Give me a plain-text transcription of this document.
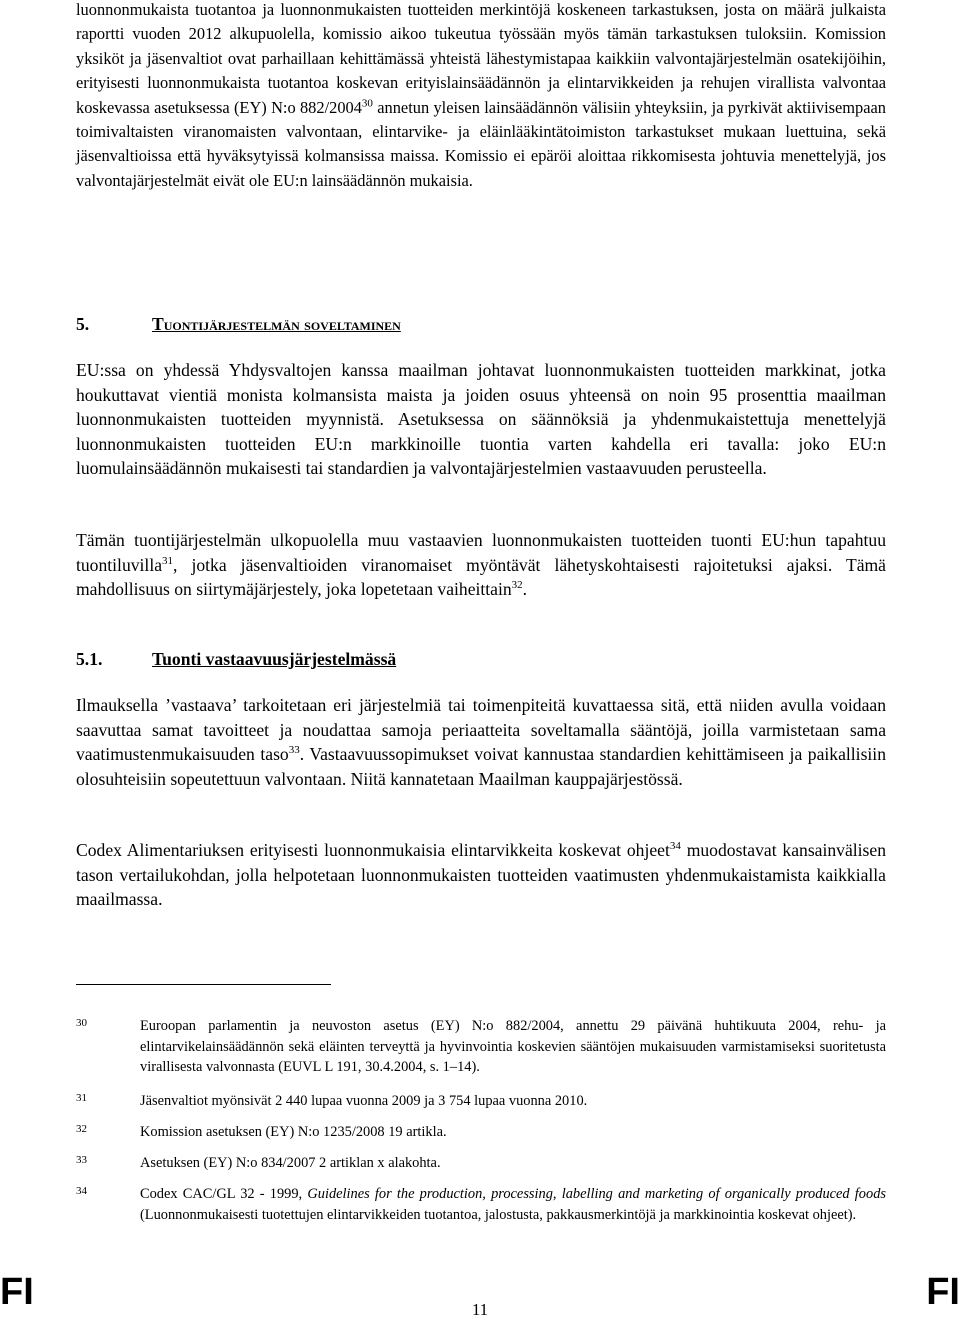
luonnonmukaista tuotantoa ja luonnonmukaisten tuotteiden merkintöjä koskeneen tarkastuksen, josta on määrä julkaista raportti vuoden 2012 alkupuolella, komissio aikoo tukeutua työssään myös tämän tarkastuksen tuloksiin. Komission yksiköt ja jäsenvaltiot ovat parhaillaan kehittämässä yhteistä lähestymistapaa kaikkiin valvontajärjestelmän osatekijöihin, erityisesti luonnonmukaista tuotantoa koskevan erityislainsäädännön ja elintarvikkeiden ja rehujen virallista valvontaa koskevassa asetuksessa (EY) N:o 882/2004$^{30}$ annetun yleisen lainsäädännön välisiin yhteyksiin, ja pyrkivät aktiivisempaan toimivaltaisten viranomaisten valvontaan, elintarvike- ja eläinlääkintätoimiston tarkastukset mukaan luettuina, sekä jäsenvaltioissa että hyväksytyissä kolmansissa maissa. Komissio ei epäröi aloittaa rikkomisesta johtuvia menettelyjä, jos valvontajärjestelmät eivät ole EU:n lainsäädännön mukaisia.

5.	Tuontijärjestelmän soveltaminen

EU:ssa on yhdessä Yhdysvaltojen kanssa maailman johtavat luonnonmukaisten tuotteiden markkinat, jotka houkuttavat vientiä monista kolmansista maista ja joiden osuus yhteensä on noin 95 prosenttia maailman luonnonmukaisten tuotteiden myynnistä. Asetuksessa on säännöksiä ja yhdenmukaistettuja menettelyjä luonnonmukaisten tuotteiden EU:n markkinoille tuontia varten kahdella eri tavalla: joko EU:n luomulainsäädännön mukaisesti tai standardien ja valvontajärjestelmien vastaavuuden perusteella.

Tämän tuontijärjestelmän ulkopuolella muu vastaavien luonnonmukaisten tuotteiden tuonti EU:hun tapahtuu tuontiluvilla$^{31}$, jotka jäsenvaltioiden viranomaiset myöntävät lähetyskohtaisesti rajoitetuksi ajaksi. Tämä mahdollisuus on siirtymäjärjestely, joka lopetetaan vaiheittain$^{32}$.

5.1.	Tuonti vastaavuusjärjestelmässä

Ilmauksella ’vastaava’ tarkoitetaan eri järjestelmiä tai toimenpiteitä kuvattaessa sitä, että niiden avulla voidaan saavuttaa samat tavoitteet ja noudattaa samoja periaatteita soveltamalla sääntöjä, joilla varmistetaan sama vaatimustenmukaisuuden taso$^{33}$. Vastaavuussopimukset voivat kannustaa standardien kehittämiseen ja paikallisiin olosuhteisiin sopeutettuun valvontaan. Niitä kannatetaan Maailman kauppajärjestössä.

Codex Alimentariuksen erityisesti luonnonmukaisia elintarvikkeita koskevat ohjeet$^{34}$ muodostavat kansainvälisen tason vertailukohdan, jolla helpotetaan luonnonmukaisten tuotteiden vaatimusten yhdenmukaistamista kaikkialla maailmassa.

30	Euroopan parlamentin ja neuvoston asetus (EY) N:o 882/2004, annettu 29 päivänä huhtikuuta 2004, rehu- ja elintarvikelainsäädännön sekä eläinten terveyttä ja hyvinvointia koskevien sääntöjen mukaisuuden varmistamiseksi suoritetusta virallisesta valvonnasta (EUVL L 191, 30.4.2004, s. 1–14).
31	Jäsenvaltiot myönsivät 2 440 lupaa vuonna 2009 ja 3 754 lupaa vuonna 2010.
32	Komission asetuksen (EY) N:o 1235/2008 19 artikla.
33	Asetuksen (EY) N:o 834/2007 2 artiklan x alakohta.
34	Codex CAC/GL 32 - 1999, Guidelines for the production, processing, labelling and marketing of organically produced foods (Luonnonmukaisesti tuotettujen elintarvikkeiden tuotantoa, jalostusta, pakkausmerkintöjä ja markkinointia koskevat ohjeet).
FI	11	FI
